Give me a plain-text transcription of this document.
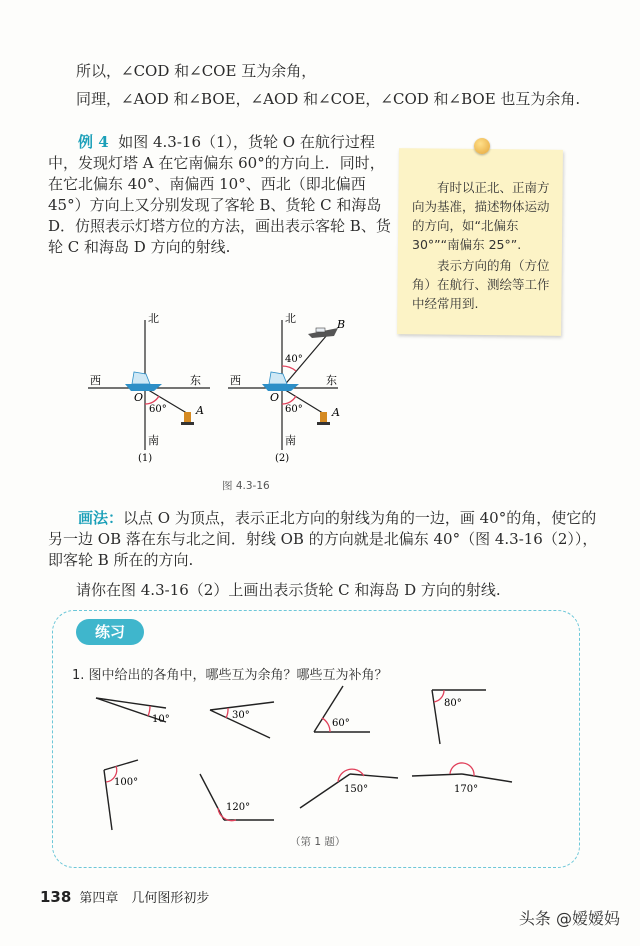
所以，∠COD 和∠COE 互为余角，
同理，∠AOD 和∠BOE，∠AOD 和∠COE，∠COD 和∠BOE 也互为余角.
例 4 如图 4.3-16（1），货轮 O 在航行过程中，发现灯塔 A 在它南偏东 60°的方向上．同时，在它北偏东 40°、南偏西 10°、西北（即北偏西 45°）方向上又分别发现了客轮 B、货轮 C 和海岛 D．仿照表示灯塔方位的方法，画出表示客轮 B、货轮 C 和海岛 D 方向的射线.

有时以正北、正南方向为基准，描述物体运动的方向，如“北偏东 30°”“南偏东 25°”.

表示方向的角（方位角）在航行、测绘等工作中经常用到.

北
南
西	东
O
60°	A
(1)
北
南
西	东
O
60°
40°
A
B
(2)
图 4.3-16
画法：以点 O 为顶点，表示正北方向的射线为角的一边，画 40°的角，使它的另一边 OB 落在东与北之间．射线 OB 的方向就是北偏东 40°（图 4.3-16（2）），即客轮 B 所在的方向.
请你在图 4.3-16（2）上画出表示货轮 C 和海岛 D 方向的射线.
练习
1. 图中给出的各角中，哪些互为余角？哪些互为补角？
10°	30°
60°
80°
100°
120°
150°	170°
（第 1 题）
138 第四章　几何图形初步
头条 @嫒嫒妈
